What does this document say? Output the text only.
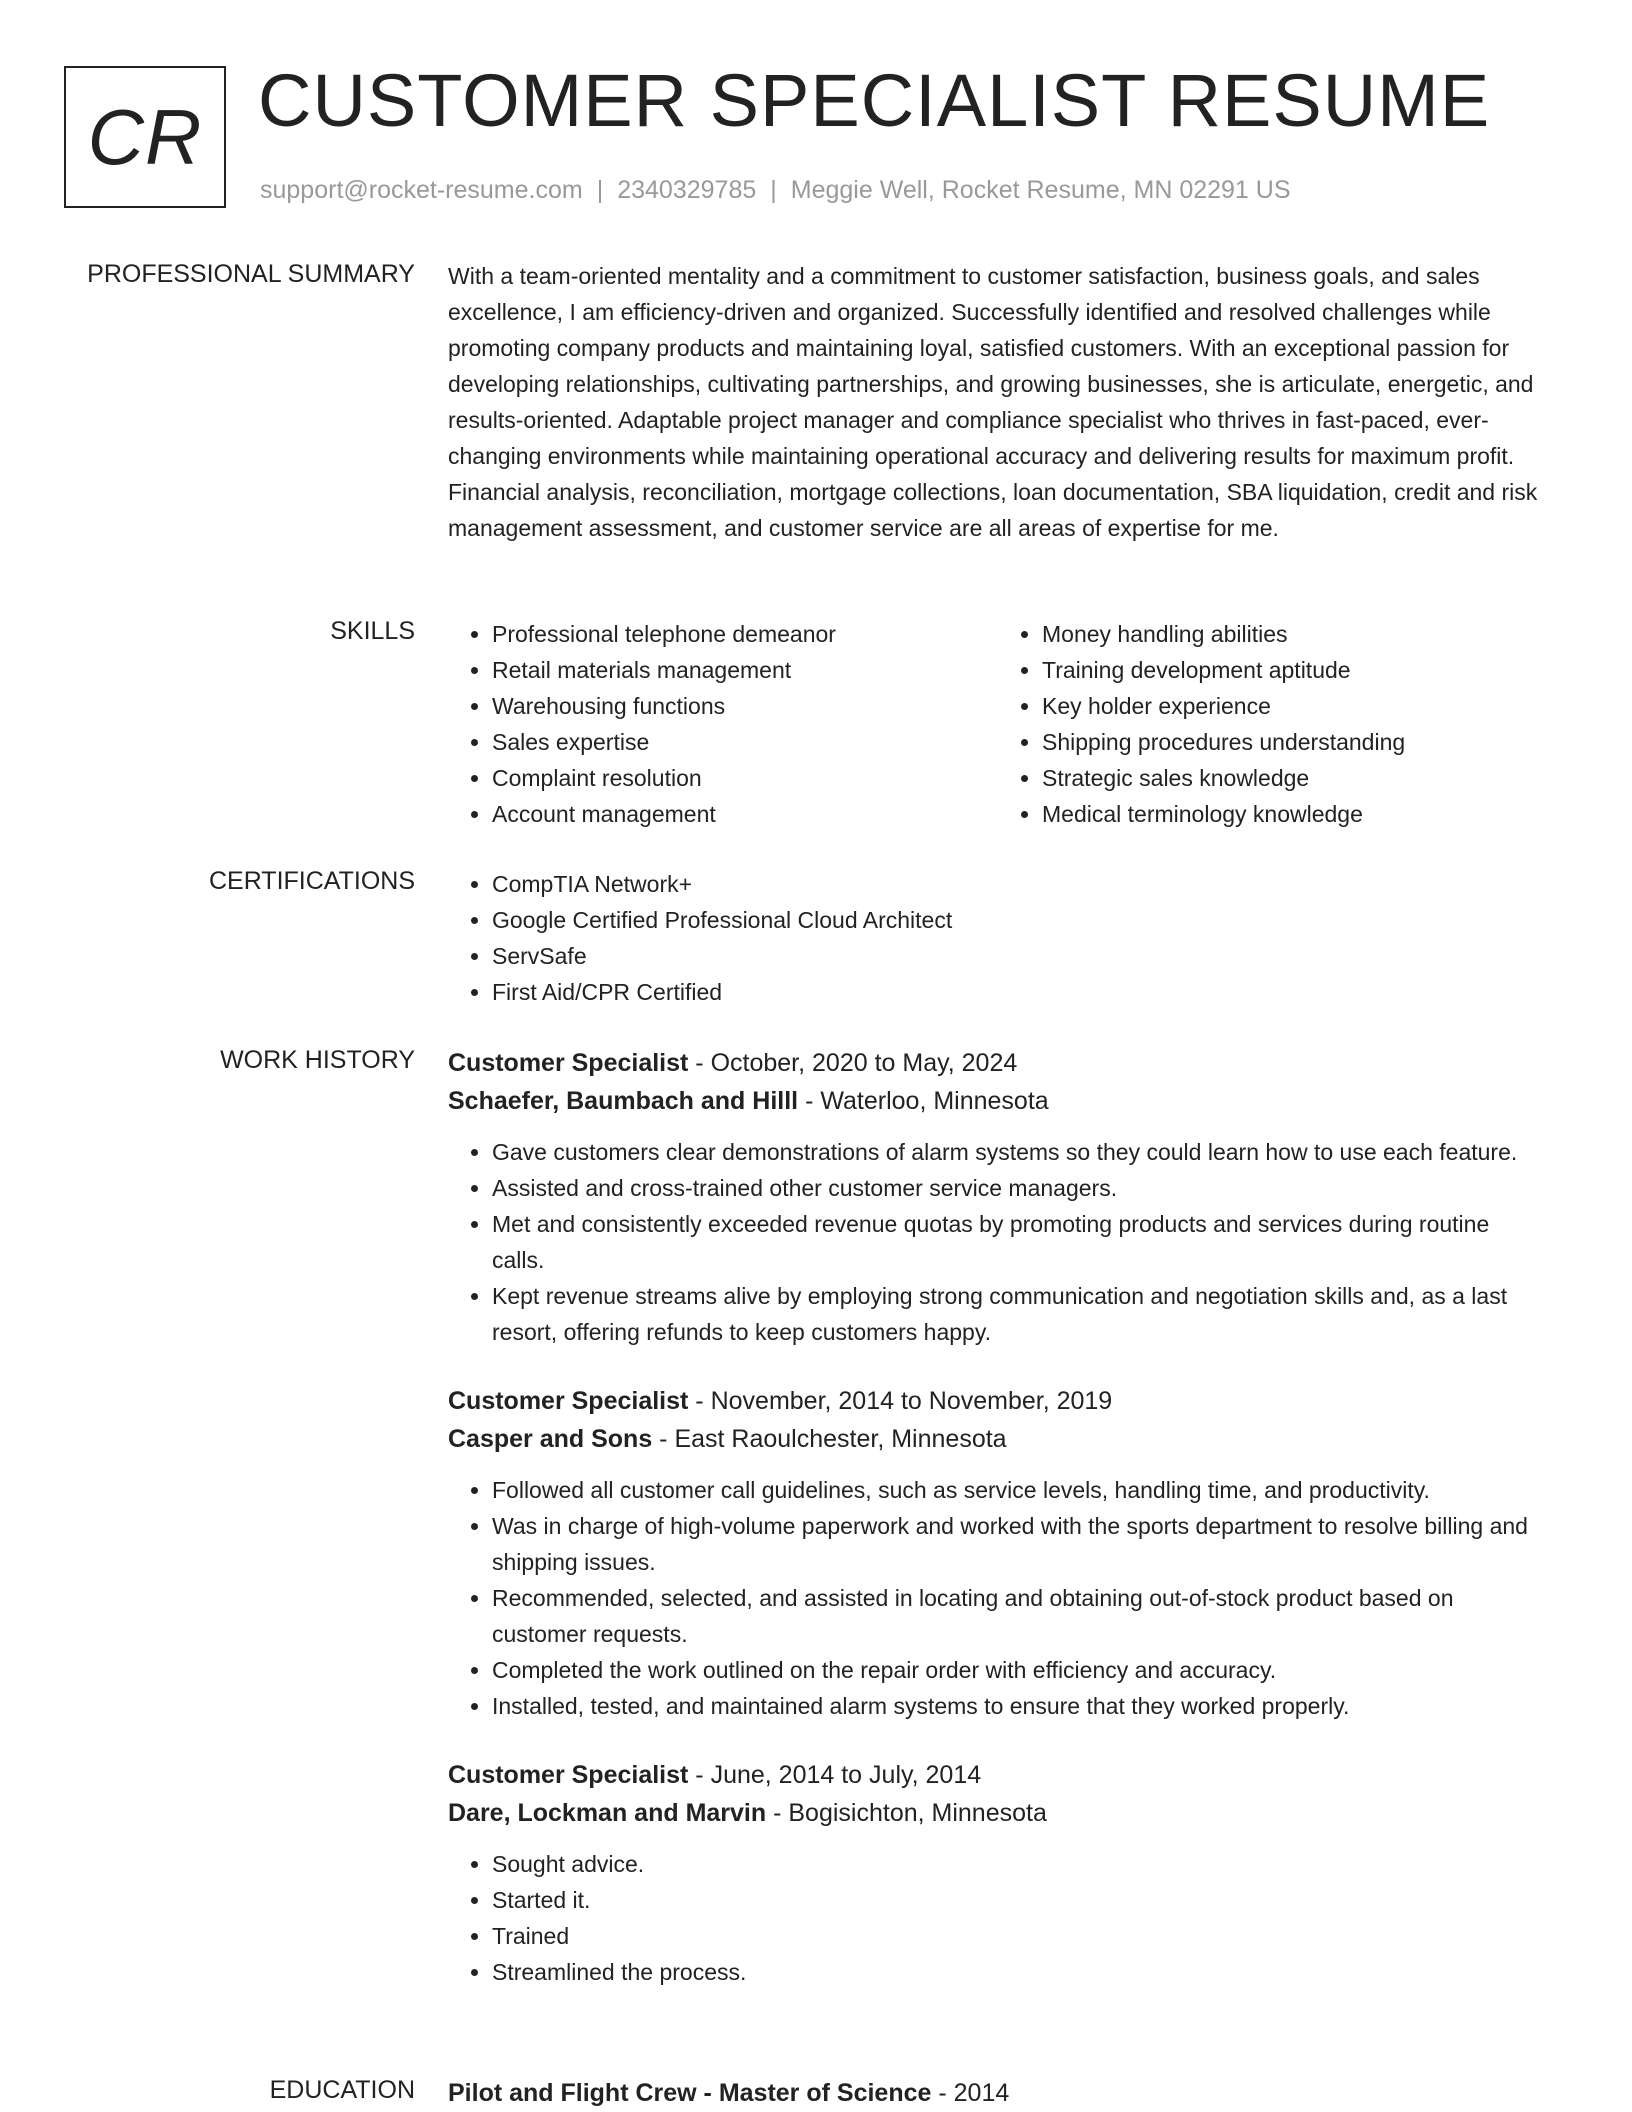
CR CUSTOMER SPECIALIST RESUME
support@rocket-resume.com | 2340329785 | Meggie Well, Rocket Resume, MN 02291 US
PROFESSIONAL SUMMARY With a team-oriented mentality and a commitment to customer satisfaction, business goals, and sales excellence, I am efficiency-driven and organized. Successfully identified and resolved challenges while promoting company products and maintaining loyal, satisfied customers. With an exceptional passion for developing relationships, cultivating partnerships, and growing businesses, she is articulate, energetic, and results-oriented. Adaptable project manager and compliance specialist who thrives in fast-paced, ever-changing environments while maintaining operational accuracy and delivering results for maximum profit. Financial analysis, reconciliation, mortgage collections, loan documentation, SBA liquidation, credit and risk management assessment, and customer service are all areas of expertise for me.
SKILLS	• Professional telephone demeanor
• Retail materials management
• Warehousing functions
• Sales expertise
• Complaint resolution
• Account management
• Money handling abilities
• Training development aptitude
• Key holder experience
• Shipping procedures understanding
• Strategic sales knowledge
• Medical terminology knowledge
CERTIFICATIONS	• CompTIA Network+
• Google Certified Professional Cloud Architect
• ServSafe
• First Aid/CPR Certified
WORK HISTORY Customer Specialist - October, 2020 to May, 2024
Schaefer, Baumbach and Hilll - Waterloo, Minnesota
• Gave customers clear demonstrations of alarm systems so they could learn how to use each feature.
• Assisted and cross-trained other customer service managers.
• Met and consistently exceeded revenue quotas by promoting products and services during routine calls.
• Kept revenue streams alive by employing strong communication and negotiation skills and, as a last resort, offering refunds to keep customers happy.
Customer Specialist - November, 2014 to November, 2019
Casper and Sons - East Raoulchester, Minnesota
• Followed all customer call guidelines, such as service levels, handling time, and productivity.
• Was in charge of high-volume paperwork and worked with the sports department to resolve billing and shipping issues.
• Recommended, selected, and assisted in locating and obtaining out-of-stock product based on customer requests.
• Completed the work outlined on the repair order with efficiency and accuracy.
• Installed, tested, and maintained alarm systems to ensure that they worked properly.
Customer Specialist - June, 2014 to July, 2014
Dare, Lockman and Marvin - Bogisichton, Minnesota
• Sought advice.
• Started it.
• Trained
• Streamlined the process.
EDUCATION Pilot and Flight Crew - Master of Science - 2014
